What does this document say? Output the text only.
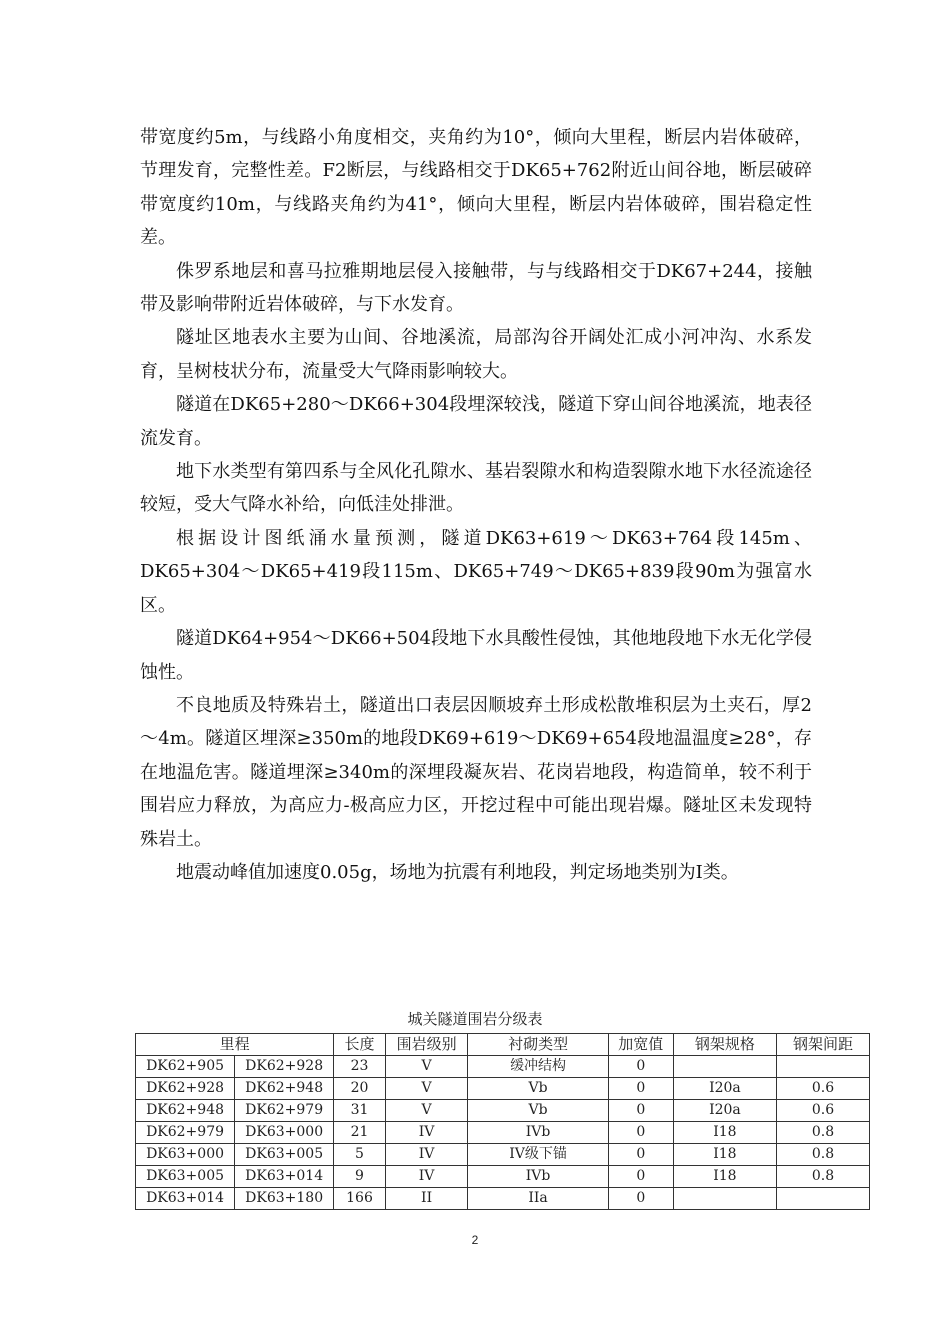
带宽度约5m，与线路小角度相交，夹角约为10°，倾向大里程，断层内岩体破碎，节理发育，完整性差。F2断层，与线路相交于DK65+762附近山间谷地，断层破碎带宽度约10m，与线路夹角约为41°，倾向大里程，断层内岩体破碎，围岩稳定性差。

侏罗系地层和喜马拉雅期地层侵入接触带，与与线路相交于DK67+244，接触带及影响带附近岩体破碎，与下水发育。

隧址区地表水主要为山间、谷地溪流，局部沟谷开阔处汇成小河冲沟、水系发育，呈树枝状分布，流量受大气降雨影响较大。

隧道在DK65+280～DK66+304段埋深较浅，隧道下穿山间谷地溪流，地表径流发育。

地下水类型有第四系与全风化孔隙水、基岩裂隙水和构造裂隙水地下水径流途径较短，受大气降水补给，向低洼处排泄。

根据设计图纸涌水量预测，隧道DK63+619～DK63+764段145m、DK65+304～DK65+419段115m、DK65+749～DK65+839段90m为强富水区。

隧道DK64+954～DK66+504段地下水具酸性侵蚀，其他地段地下水无化学侵蚀性。

不良地质及特殊岩土，隧道出口表层因顺坡弃土形成松散堆积层为土夹石，厚2～4m。隧道区埋深≥350m的地段DK69+619～DK69+654段地温温度≥28°，存在地温危害。隧道埋深≥340m的深埋段凝灰岩、花岗岩地段，构造简单，较不利于围岩应力释放，为高应力-极高应力区，开挖过程中可能出现岩爆。隧址区未发现特殊岩土。

地震动峰值加速度0.05g，场地为抗震有利地段，判定场地类别为Ⅰ类。

城关隧道围岩分级表
里程		长度	围岩级别	衬砌类型	加宽值	钢架规格	钢架间距
DK62+905	DK62+928	23	V	缓冲结构	0		
DK62+928	DK62+948	20	V	Vb	0	I20a	0.6
DK62+948	DK62+979	31	V	Vb	0	I20a	0.6
DK62+979	DK63+000	21	IV	IVb	0	I18	0.8
DK63+000	DK63+005	5	IV	IV级下锚	0	I18	0.8
DK63+005	DK63+014	9	IV	IVb	0	I18	0.8
DK63+014	DK63+180	166	II	IIa	0		
2
